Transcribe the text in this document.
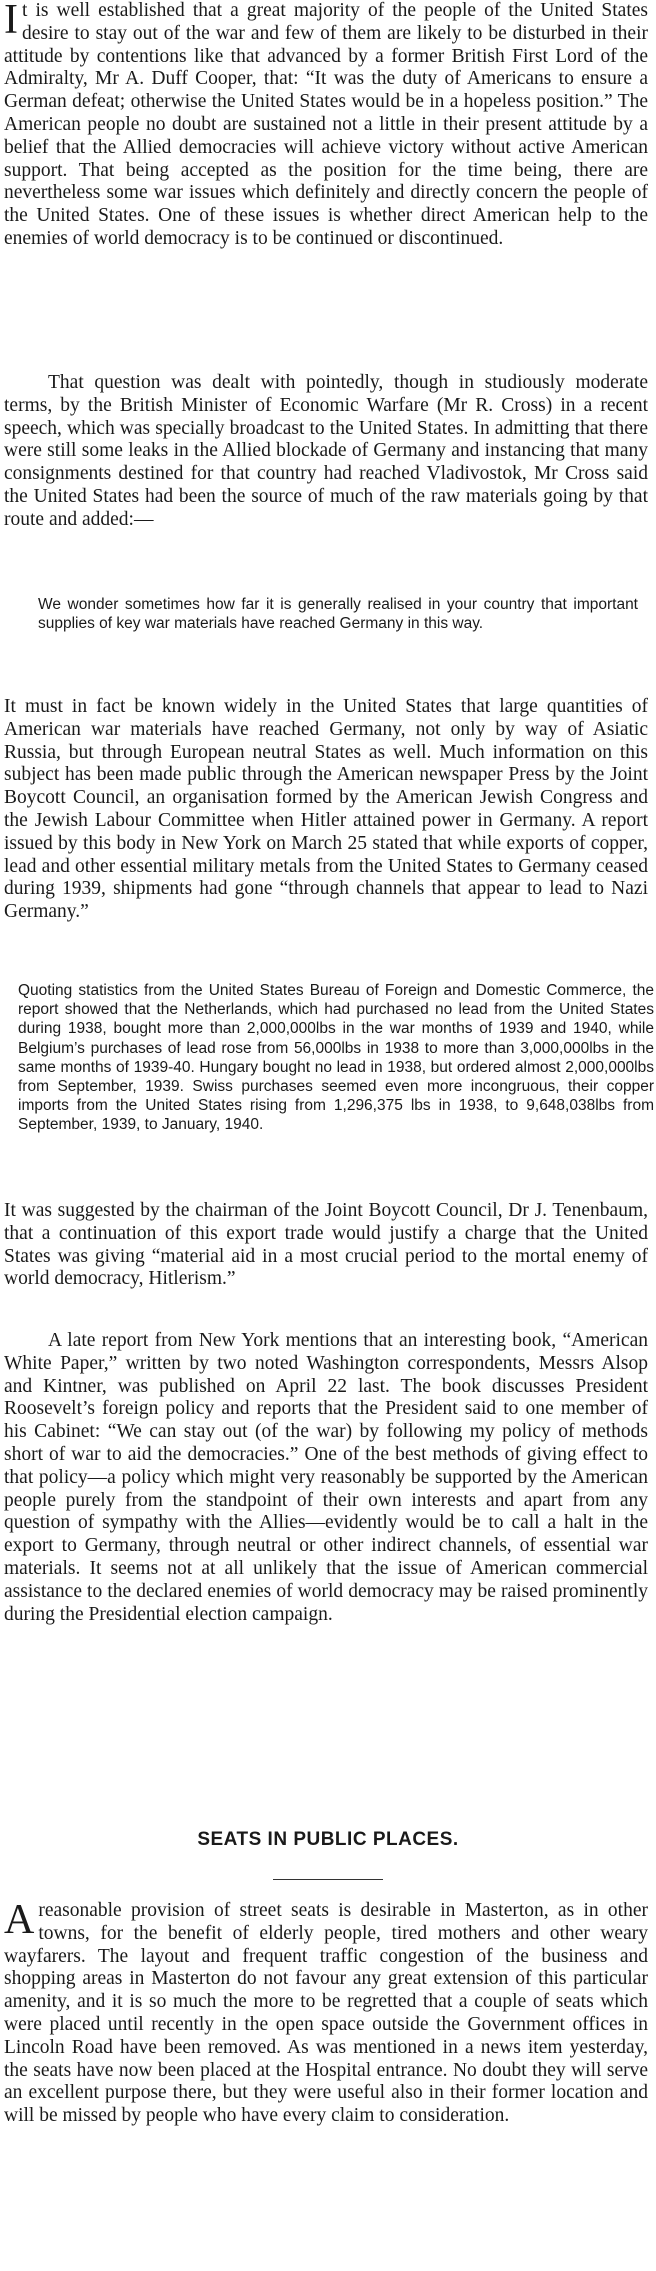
It is well established that a great majority of the people of the United States desire to stay out of the war and few of them are likely to be disturbed in their attitude by contentions like that advanced by a former British First Lord of the Admiralty, Mr A. Duff Cooper, that: “It was the duty of Americans to ensure a German defeat; otherwise the United States would be in a hopeless position.” The American people no doubt are sustained not a little in their present attitude by a belief that the Allied democracies will achieve victory without active American support. That being accepted as the position for the time being, there are nevertheless some war issues which definitely and directly concern the people of the United States. One of these issues is whether direct American help to the enemies of world democracy is to be continued or discontinued.

That question was dealt with pointedly, though in studiously moderate terms, by the British Minister of Economic Warfare (Mr R. Cross) in a recent speech, which was specially broadcast to the United States. In admitting that there were still some leaks in the Allied blockade of Germany and instancing that many consignments destined for that country had reached Vladivostok, Mr Cross said the United States had been the source of much of the raw materials going by that route and added:—

We wonder sometimes how far it is generally realised in your country that important supplies of key war materials have reached Germany in this way.

It must in fact be known widely in the United States that large quantities of American war materials have reached Germany, not only by way of Asiatic Russia, but through European neutral States as well. Much information on this subject has been made public through the American newspaper Press by the Joint Boycott Council, an organisation formed by the American Jewish Congress and the Jewish Labour Committee when Hitler attained power in Germany. A report issued by this body in New York on March 25 stated that while exports of copper, lead and other essential military metals from the United States to Germany ceased during 1939, shipments had gone “through channels that appear to lead to Nazi Germany.”

Quoting statistics from the United States Bureau of Foreign and Domestic Commerce, the report showed that the Netherlands, which had purchased no lead from the United States during 1938, bought more than 2,000,000lbs in the war months of 1939 and 1940, while Belgium’s purchases of lead rose from 56,000lbs in 1938 to more than 3,000,000lbs in the same months of 1939-40. Hungary bought no lead in 1938, but ordered almost 2,000,000lbs from September, 1939. Swiss purchases seemed even more incongruous, their copper imports from the United States rising from 1,296,375 lbs in 1938, to 9,648,038lbs from September, 1939, to January, 1940.

It was suggested by the chairman of the Joint Boycott Council, Dr J. Tenenbaum, that a continuation of this export trade would justify a charge that the United States was giving “material aid in a most crucial period to the mortal enemy of world democracy, Hitlerism.”

A late report from New York mentions that an interesting book, “American White Paper,” written by two noted Washington correspondents, Messrs Alsop and Kintner, was published on April 22 last. The book discusses President Roosevelt’s foreign policy and reports that the President said to one member of his Cabinet: “We can stay out (of the war) by following my policy of methods short of war to aid the democracies.” One of the best methods of giving effect to that policy—a policy which might very reasonably be supported by the American people purely from the standpoint of their own interests and apart from any question of sympathy with the Allies—evidently would be to call a halt in the export to Germany, through neutral or other indirect channels, of essential war materials. It seems not at all unlikely that the issue of American commercial assistance to the declared enemies of world democracy may be raised prominently during the Presidential election campaign.

SEATS IN PUBLIC PLACES.

Areasonable provision of street seats is desirable in Masterton, as in other towns, for the benefit of elderly people, tired mothers and other weary wayfarers. The layout and frequent traffic congestion of the business and shopping areas in Masterton do not favour any great extension of this particular amenity, and it is so much the more to be regretted that a couple of seats which were placed until recently in the open space outside the Government offices in Lincoln Road have been removed. As was mentioned in a news item yesterday, the seats have now been placed at the Hospital entrance. No doubt they will serve an excellent purpose there, but they were useful also in their former location and will be missed by people who have every claim to consideration.
